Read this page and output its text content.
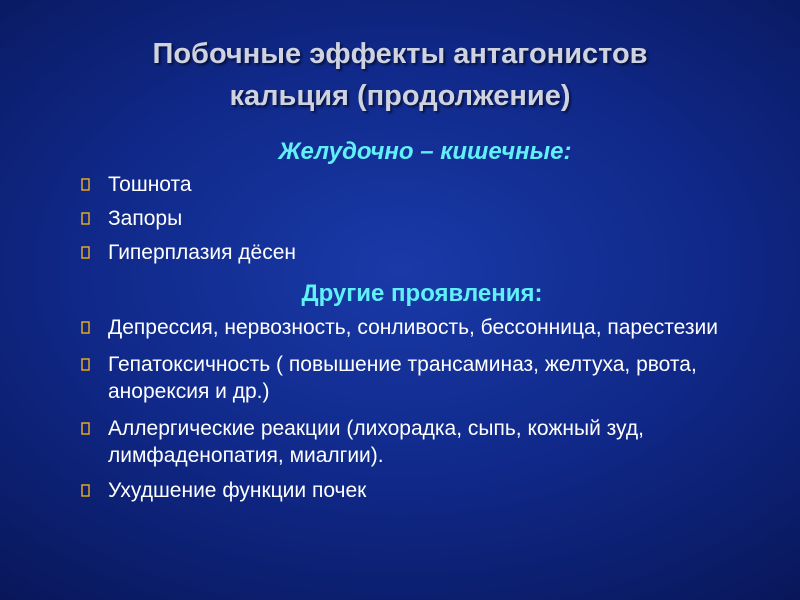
Побочные эффекты антагонистов
кальция (продолжение)
Желудочно – кишечные:
Тошнота
Запоры
Гиперплазия дёсен
Другие проявления:
Депрессия, нервозность, сонливость, бессонница, парестезии
Гепатоксичность ( повышение трансаминаз, желтуха, рвота, анорексия и др.)
Аллергические реакции (лихорадка, сыпь, кожный зуд, лимфаденопатия, миалгии).
Ухудшение функции почек
